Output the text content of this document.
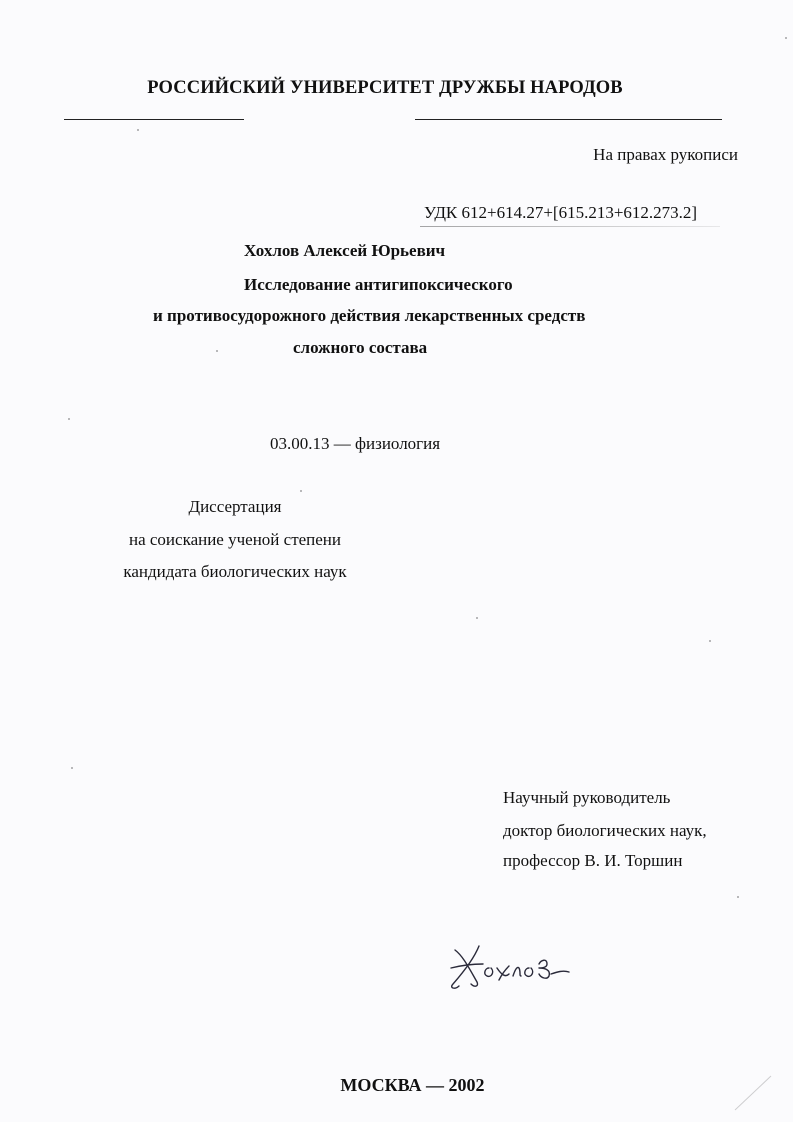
РОССИЙСКИЙ УНИВЕРСИТЕТ ДРУЖБЫ НАРОДОВ
На правах рукописи
УДК 612+614.27+[615.213+612.273.2]
Хохлов Алексей Юрьевич
Исследование антигипоксического
и противосудорожного действия лекарственных средств
сложного состава
03.00.13 — физиология
Диссертация
на соискание ученой степени
кандидата биологических наук
Научный руководитель
доктор биологических наук,
профессор В. И. Торшин
МОСКВА — 2002
